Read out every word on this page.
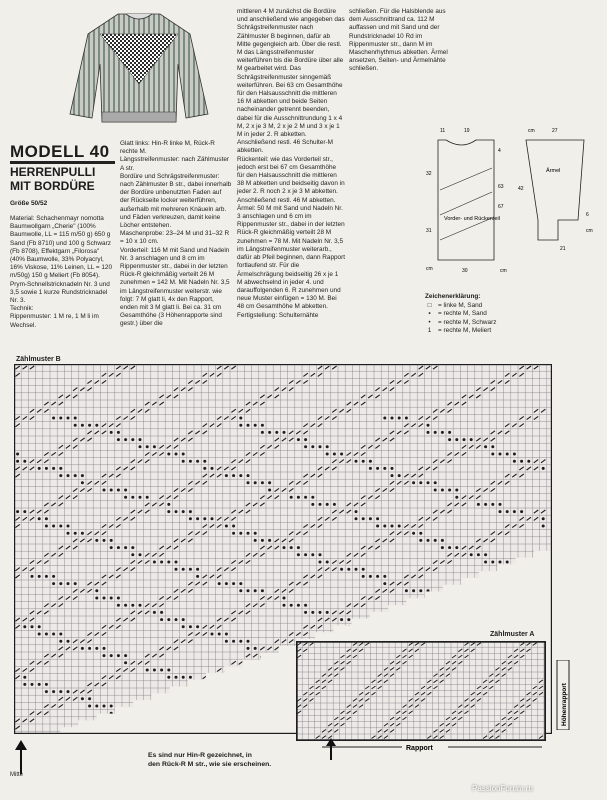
MODELL 40
HERRENPULLI
MIT BORDÜRE
Größe 50/52
Material: Schachenmayr nomotta Baumwollgarn „Cherie" (100% Baumwolle, LL = 115 m/50 g) 650 g Sand (Fb 8710) und 100 g Schwarz (Fb 8708), Effektgarn „Filorosa" (40% Baumwolle, 33% Polyacryl, 16% Viskose, 11% Leinen, LL = 120 m/50g) 150 g Meliert (Fb 8054). Prym-Schnellstricknadeln Nr. 3 und 3,5 sowie 1 kurze Rundstricknadel Nr. 3.
Technik:
Rippenmuster: 1 M re, 1 M li im Wechsel.
Glatt links: Hin-R linke M, Rück-R rechte M.
Längsstreifenmuster: nach Zählmuster A str.
Bordüre und Schrägstreifenmuster: nach Zählmuster B str., dabei innerhalb der Bordüre unbenutzten Faden auf der Rückseite locker weiterführen, außerhalb mit mehreren Knäueln arb. und Fäden verkreuzen, damit keine Löcher entstehen.
Maschenprobe: 23–24 M und 31–32 R = 10 x 10 cm.
Vorderteil: 116 M mit Sand und Nadeln Nr. 3 anschlagen und 8 cm im Rippenmuster str., dabei in der letzten Rück-R gleichmäßig verteilt 26 M zunehmen = 142 M. Mit Nadeln Nr. 3,5 im Längstreifenmuster weiterstr. wie folgt: 7 M glatt li, 4x den Rapport, enden mit 3 M glatt li. Bei ca. 31 cm Gesamthöhe (3 Höhenrapporte sind gestr.) über die
mittleren 4 M zunächst die Bordüre und anschließend wie angegeben das Schrägstreifenmuster nach Zählmuster B beginnen, dafür ab Mitte gegengleich arb. Über die restl. M das Längsstreifenmuster weiterführen bis die Bordüre über alle M gearbeitet wird. Das Schrägstreifenmuster sinngemäß weiterführen. Bei 63 cm Gesamthöhe für den Halsausschnitt die mittleren 16 M abketten und beide Seiten nacheinander getrennt beenden, dabei für die Ausschnittrundung 1 x 4 M, 2 x je 3 M, 2 x je 2 M und 3 x je 1 M in jeder 2. R abketten. Anschließend restl. 46 Schulter-M abketten.
Rückenteil: wie das Vorderteil str., jedoch erst bei 67 cm Gesamthöhe für den Halsausschnitt die mittleren 38 M abketten und beidseitig davon in jeder 2. R noch 2 x je 3 M abketten. Anschließend restl. 46 M abketten.
Ärmel: 50 M mit Sand und Nadeln Nr. 3 anschlagen und 6 cm im Rippenmuster str., dabei in der letzten Rück-R gleichmäßig verteilt 28 M zunehmen = 78 M. Mit Nadeln Nr. 3,5 im Längstreifenmuster weiterarb., dafür ab Pfeil beginnen, dann Rapport fortlaufend str. Für die Ärmelschrägung beidseitig 26 x je 1 M abwechselnd in jeder 4. und darauffolgenden 6. R zunehmen und neue Muster einfügen = 130 M. Bei 48 cm Gesamthöhe M abketten.
Fertigstellung: Schulternähte
schließen. Für die Halsblende aus dem Ausschnittrand ca. 112 M auffassen und mit Sand und der Rundstricknadel 10 Rd im Rippenmuster str., dann M im Maschenrhythmus abketten. Ärmel ansetzen, Seiten- und Ärmelnähte schließen.
Vorder- und Rückenteil
Ärmel
11	19	cm	27
32
31
cm
4
63
67
42
6
cm
21
30	cm
Zeichenerklärung:
□	= linke M, Sand
▪	= rechte M, Sand
•	= rechte M, Schwarz
1	= rechte M, Meliert
Zählmuster B
Zählmuster A
Höhenrapport
Rapport
Mitte
Es sind nur Hin-R gezeichnet, in
den Rück-R M str., wie sie erscheinen.
PassionForum.ru
